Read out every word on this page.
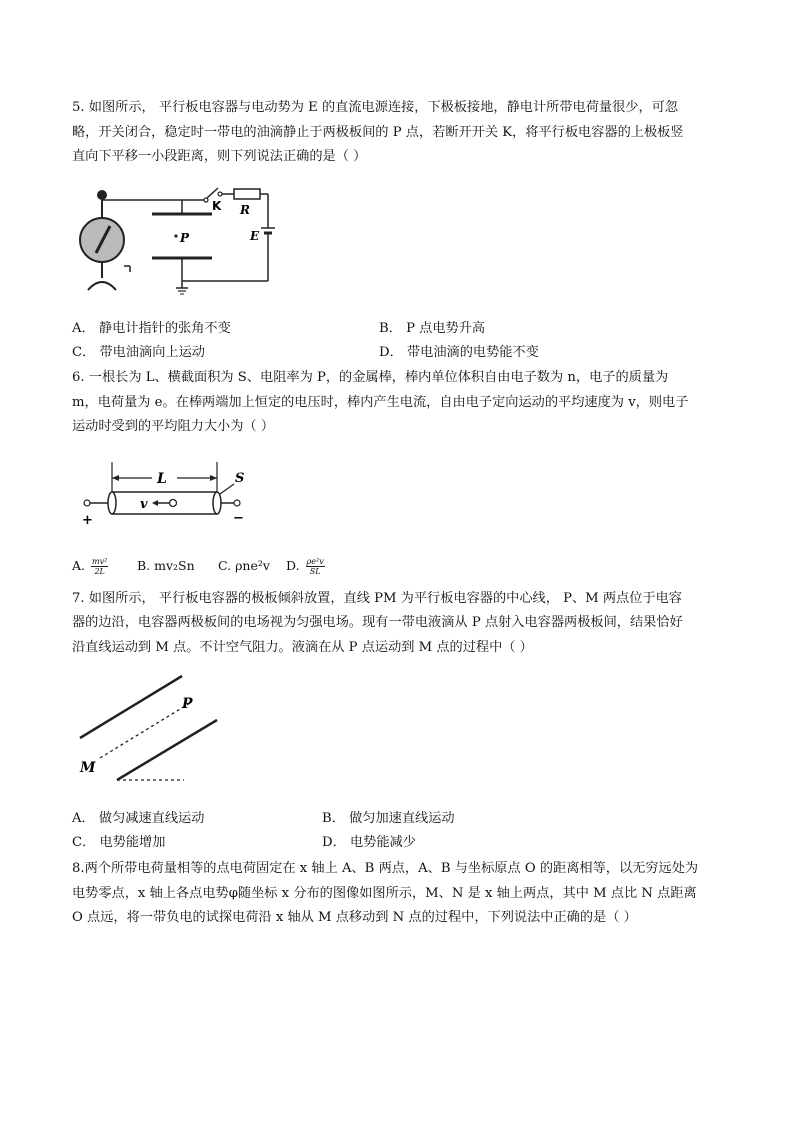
5. 如图所示， 平行板电容器与电动势为 E 的直流电源连接，下极板接地，静电计所带电荷量很少，可忽
略，开关闭合，稳定时一带电的油滴静止于两极板间的 P 点，若断开开关 K，将平行板电容器的上极板竖
直向下平移一小段距离，则下列说法正确的是（ ）
K R
E
P
A． 静电计指针的张角不变	B． P 点电势升高
C． 带电油滴向上运动	D． 带电油滴的电势能不变
6. 一根长为 L、横截面积为 S、电阻率为 P，的金属棒，棒内单位体积自由电子数为 n，电子的质量为
m，电荷量为 e。在棒两端加上恒定的电压时，棒内产生电流，自由电子定向运动的平均速度为 v，则电子
运动时受到的平均阻力大小为（ ）
L
+	−
S
v
A. $\frac{\text{mv²}}{2L} B$. mv₂Sn C. ρne²v D. $\frac{\text{ρe²v}}{SL}$
7. 如图所示， 平行板电容器的极板倾斜放置，直线 PM 为平行板电容器的中心线， P、M 两点位于电容
器的边沿，电容器两极板间的电场视为匀强电场。现有一带电液滴从 P 点射入电容器两极板间，结果恰好
沿直线运动到 M 点。不计空气阻力。液滴在从 P 点运动到 M 点的过程中（ ）
P
M
A． 做匀减速直线运动	B． 做匀加速直线运动
C． 电势能增加	D． 电势能减少
8.两个所带电荷量相等的点电荷固定在 x 轴上 A、B 两点，A、B 与坐标原点 O 的距离相等，以无穷远处为
电势零点，x 轴上各点电势φ随坐标 x 分布的图像如图所示，M、N 是 x 轴上两点，其中 M 点比 N 点距离
O 点远，将一带负电的试探电荷沿 x 轴从 M 点移动到 N 点的过程中，下列说法中正确的是（ ）
